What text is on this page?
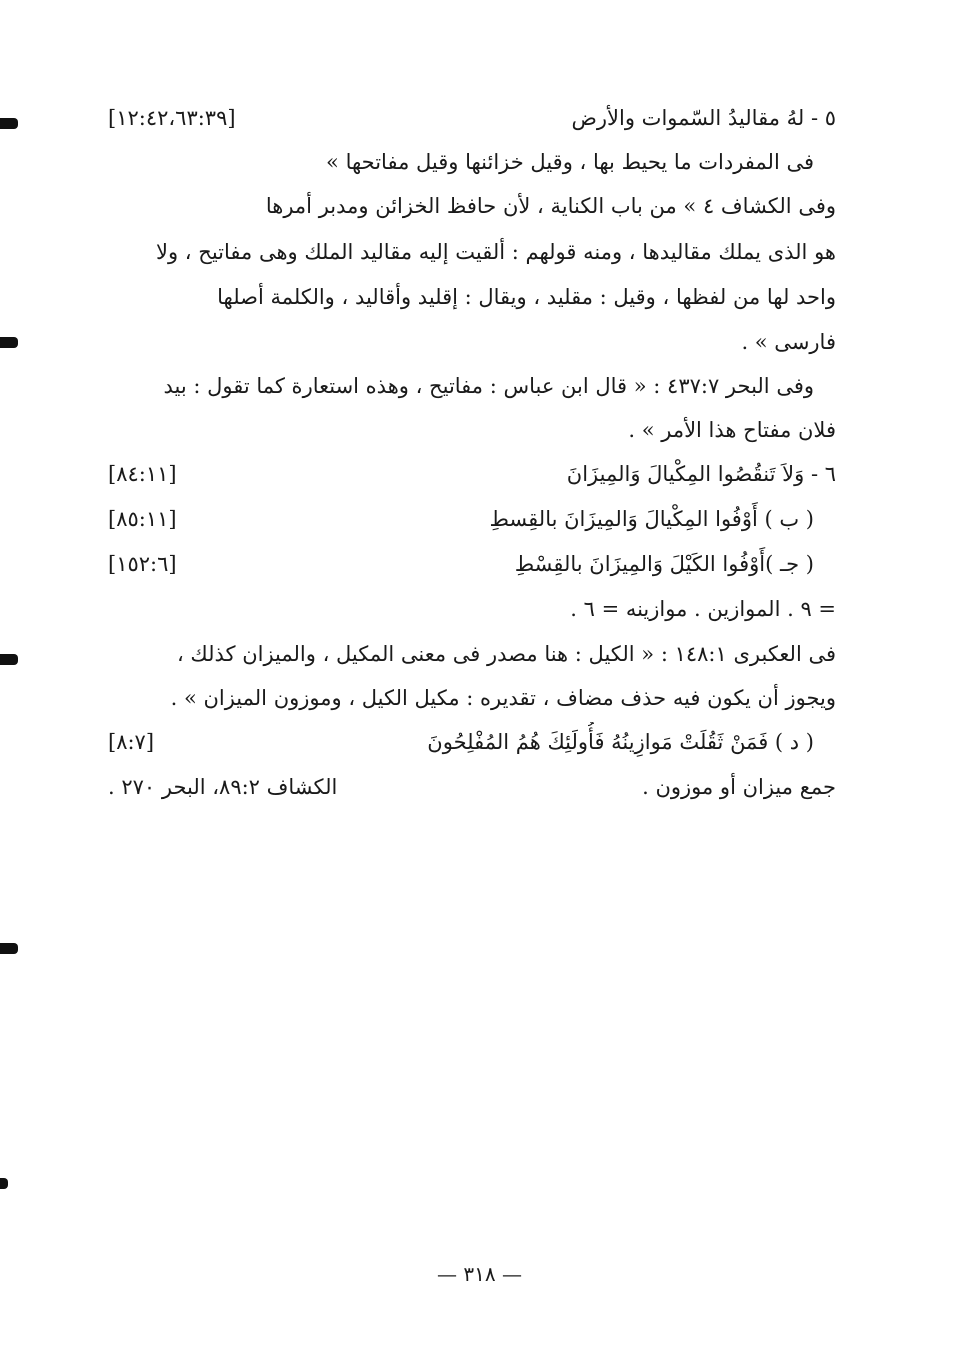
٥ - لهُ مقاليدُ السّموات والأرض
[١٢:٤٢،٦٣:٣٩]
فى المفردات ما يحيط بها ، وقيل خزائنها وقيل مفاتحها »
وفى الكشاف ٤ » من باب الكناية ، لأن حافظ الخزائن ومدبر أمرها
هو الذى يملك مقاليدها ، ومنه قولهم : ألقيت إليه مقاليد الملك وهى مفاتيح ، ولا
واحد لها من لفظها ، وقيل : مقليد ، ويقال : إقليد وأقاليد ، والكلمة أصلها
فارسى » .
وفى البحر ٤٣٧:٧ : « قال ابن عباس : مفاتيح ، وهذه استعارة كما تقول : بيد
فلان مفتاح هذا الأمر » .
٦ - وَلاَ تَنقُصُوا المِكْيالَ وَالمِيزَانَ
[٨٤:١١]
( ب ) أَوْفُوا المِكْيالَ وَالمِيزَانَ بالقِسطِ
[٨٥:١١]
( جـ )أَوْفُوا الكَيْلَ وَالمِيزَانَ بالقِسْطِ
[١٥٢:٦]
= ٩ . الموازين . موازينه = ٦ .
فى العكبرى ١٤٨:١ : « الكيل : هنا مصدر فى معنى المكيل ، والميزان كذلك ،
ويجوز أن يكون فيه حذف مضاف ، تقديره : مكيل الكيل ، وموزون الميزان » .
( د ) فَمَنْ ثَقُلَتْ مَوازِينُهُ فَأُولَئِكَ هُمُ المُفْلِحُونَ
[٨:٧]
جمع ميزان أو موزون .
الكشاف ٨٩:٢، البحر ٢٧٠ .
— ٣١٨ —
